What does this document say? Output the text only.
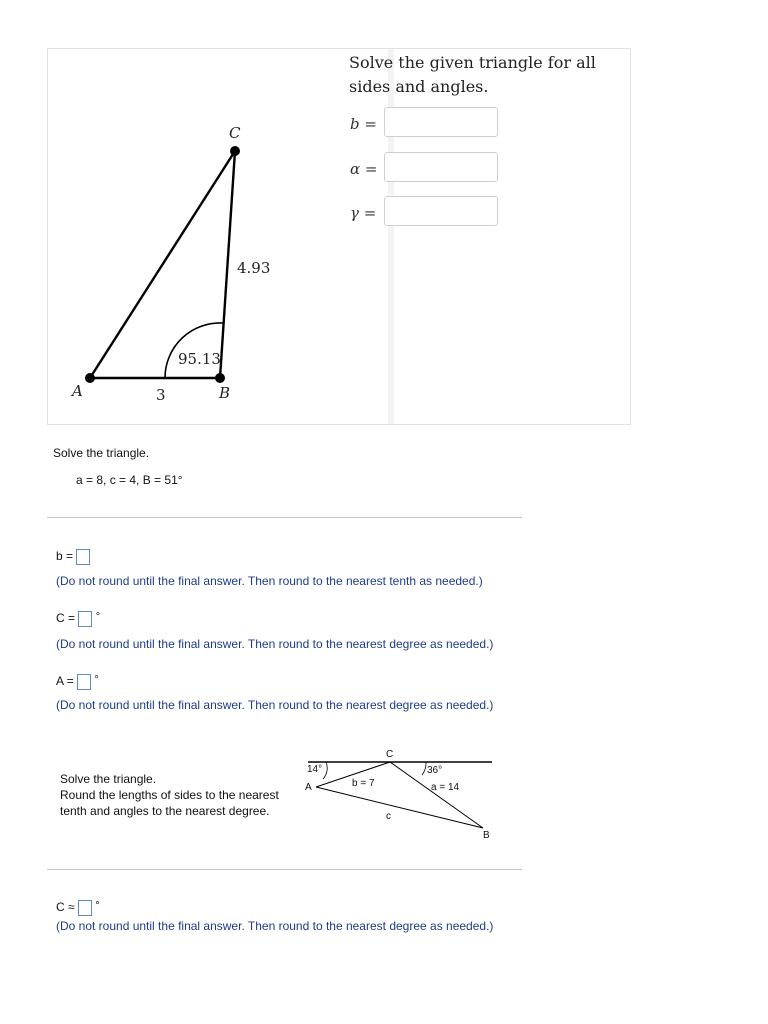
A	B
C
3
4.93
95.13
Solve the given triangle for all sides and angles.
b =
α =
γ =
Solve the triangle.
a = 8, c = 4, B = 51°
b =
(Do not round until the final answer. Then round to the nearest tenth as needed.)
C = °
(Do not round until the final answer. Then round to the nearest degree as needed.)
A = °
(Do not round until the final answer. Then round to the nearest degree as needed.)
Solve the triangle.
Round the lengths of sides to the nearest
tenth and angles to the nearest degree.
14°	36°
C
A
B
b = 7	a = 14
c
C ≈ °
(Do not round until the final answer. Then round to the nearest degree as needed.)
